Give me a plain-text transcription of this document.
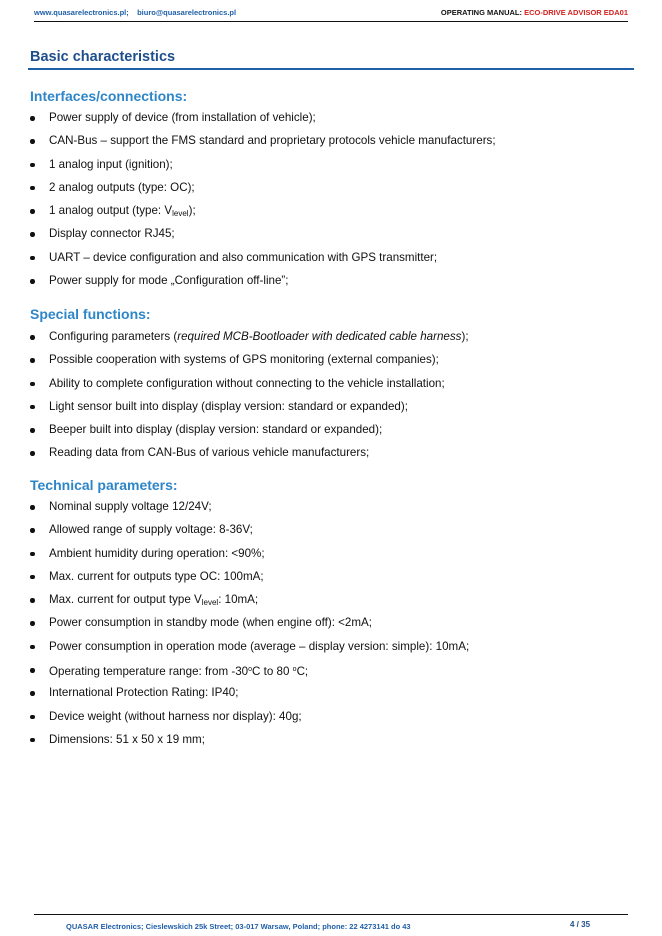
www.quasarelectronics.pl; biuro@quasarelectronics.pl	OPERATING MANUAL: ECO-DRIVE ADVISOR EDA01
Basic characteristics
Interfaces/connections:
Power supply of device (from installation of vehicle);
CAN-Bus – support the FMS standard and proprietary protocols vehicle manufacturers;
1 analog input (ignition);
2 analog outputs (type: OC);
1 analog output (type: $V_{level}$);
Display connector RJ45;
UART – device configuration and also communication with GPS transmitter;
Power supply for mode „Configuration off-line”;
Special functions:
Configuring parameters (required MCB-Bootloader with dedicated cable harness);
Possible cooperation with systems of GPS monitoring (external companies);
Ability to complete configuration without connecting to the vehicle installation;
Light sensor built into display (display version: standard or expanded);
Beeper built into display (display version: standard or expanded);
Reading data from CAN-Bus of various vehicle manufacturers;
Technical parameters:
Nominal supply voltage 12/24V;
Allowed range of supply voltage: 8-36V;
Ambient humidity during operation: <90%;
Max. current for outputs type OC: 100mA;
Max. current for output type $V_{level}$: 10mA;
Power consumption in standby mode (when engine off): <2mA;
Power consumption in operation mode (average – display version: simple): 10mA;
Operating temperature range: from -30$^o$C to 80 $^o$C;
International Protection Rating: IP40;
Device weight (without harness nor display): 40g;
Dimensions: 51 x 50 x 19 mm;
QUASAR Electronics; Cieslewskich 25k Street; 03-017 Warsaw, Poland; phone: 22 4273141 do 43	4 / 35
